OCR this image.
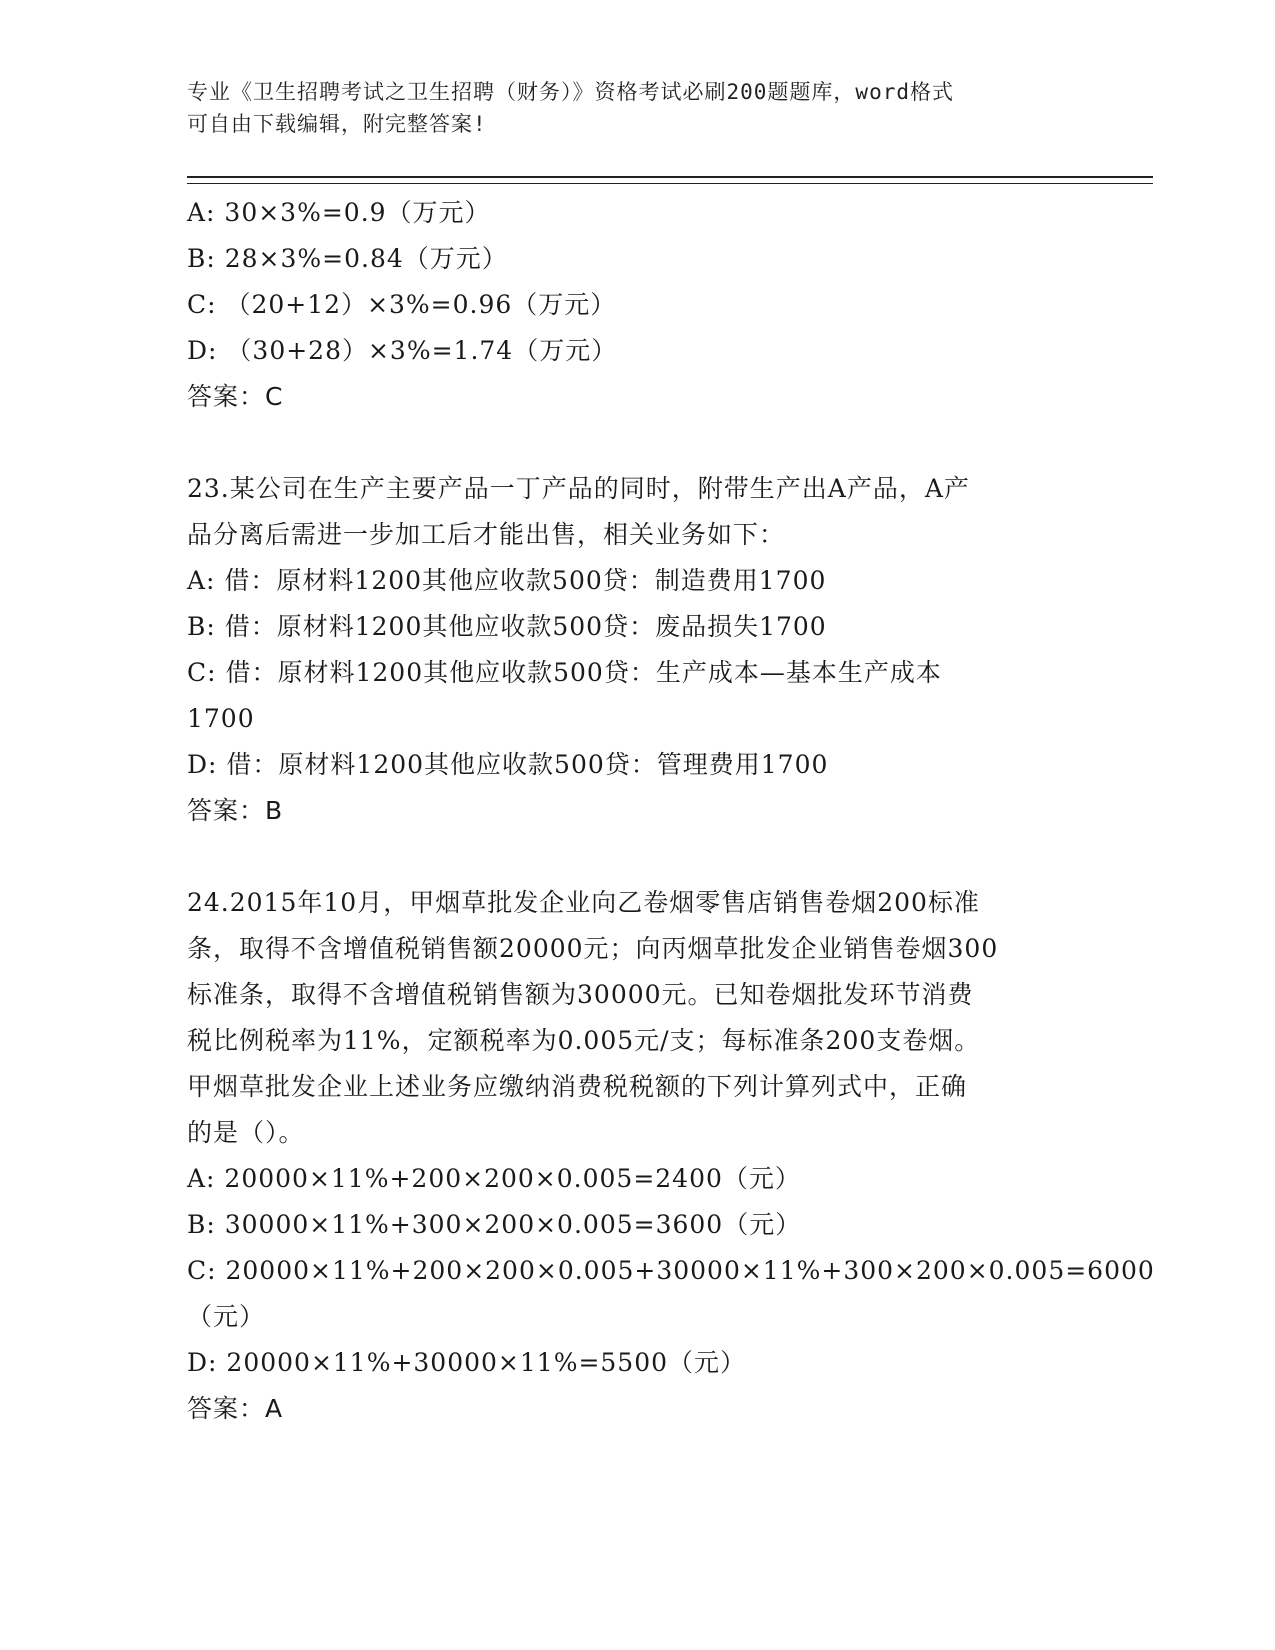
专业《卫生招聘考试之卫生招聘（财务）》资格考试必刷200题题库，word格式
可自由下载编辑，附完整答案!
A: 30×3%=0.9（万元）
B: 28×3%=0.84（万元）
C: （20+12）×3%=0.96（万元）
D: （30+28）×3%=1.74（万元）
答案：C
23.某公司在生产主要产品一丁产品的同时，附带生产出A产品，A产
品分离后需进一步加工后才能出售，相关业务如下：
A: 借：原材料1200其他应收款500贷：制造费用1700
B: 借：原材料1200其他应收款500贷：废品损失1700
C: 借：原材料1200其他应收款500贷：生产成本—基本生产成本
1700
D: 借：原材料1200其他应收款500贷：管理费用1700
答案：B
24.2015年10月，甲烟草批发企业向乙卷烟零售店销售卷烟200标准
条，取得不含增值税销售额20000元；向丙烟草批发企业销售卷烟300
标准条，取得不含增值税销售额为30000元。已知卷烟批发环节消费
税比例税率为11%，定额税率为0.005元/支；每标准条200支卷烟。
甲烟草批发企业上述业务应缴纳消费税税额的下列计算列式中，正确
的是（）。
A: 20000×11%+200×200×0.005=2400（元）
B: 30000×11%+300×200×0.005=3600（元）
C: 20000×11%+200×200×0.005+30000×11%+300×200×0.005=6000
（元）
D: 20000×11%+30000×11%=5500（元）
答案：A
